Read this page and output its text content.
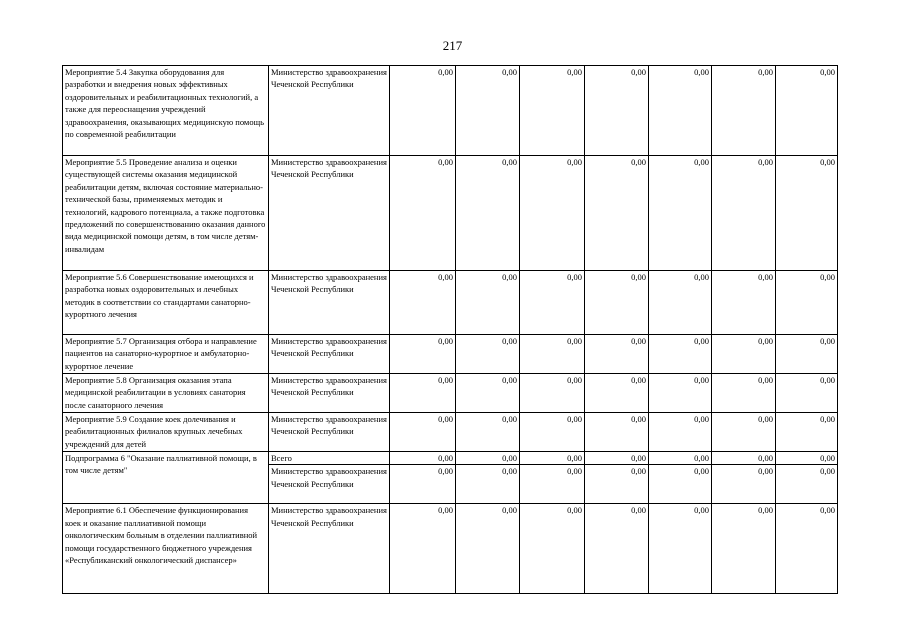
217
Мероприятие 5.4 Закупка оборудования для разработки и внедрения новых эффективных оздоровительных и реабилитационных технологий, а также для переоснащения учреждений здравоохранения, оказывающих медицинскую помощь по современной реабилитации	Министерство здравоохранения Чеченской Республики	0,00	0,00	0,00	0,00	0,00	0,00	0,00
Мероприятие 5.5 Проведение анализа и оценки существующей системы оказания медицинской реабилитации детям, включая состояние материально-технической базы, применяемых методик и технологий, кадрового потенциала, а также подготовка предложений по совершенствованию оказания данного вида медицинской помощи детям, в том числе детям-инвалидам	Министерство здравоохранения Чеченской Республики	0,00	0,00	0,00	0,00	0,00	0,00	0,00
Мероприятие 5.6 Совершенствование имеющихся и разработка новых оздоровительных и лечебных методик в соответствии со стандартами санаторно-курортного лечения	Министерство здравоохранения Чеченской Республики	0,00	0,00	0,00	0,00	0,00	0,00	0,00
Мероприятие 5.7 Организация отбора и направление пациентов на санаторно-курортное и амбулаторно-курортное лечение	Министерство здравоохранения Чеченской Республики	0,00	0,00	0,00	0,00	0,00	0,00	0,00
Мероприятие 5.8 Организация оказания этапа медицинской реабилитации в условиях санатория после санаторного лечения	Министерство здравоохранения Чеченской Республики	0,00	0,00	0,00	0,00	0,00	0,00	0,00
Мероприятие 5.9 Создание коек долечивания и реабилитационных филиалов крупных лечебных учреждений для детей	Министерство здравоохранения Чеченской Республики	0,00	0,00	0,00	0,00	0,00	0,00	0,00
Подпрограмма 6 "Оказание паллиативной помощи, в том числе детям"	Всего	0,00	0,00	0,00	0,00	0,00	0,00	0,00
	Министерство здравоохранения Чеченской Республики	0,00	0,00	0,00	0,00	0,00	0,00	0,00
Мероприятие 6.1 Обеспечение функционирования коек и оказание паллиативной помощи онкологическим больным в отделении паллиативной помощи государственного бюджетного учреждения «Республиканский онкологический диспансер»	Министерство здравоохранения Чеченской Республики	0,00	0,00	0,00	0,00	0,00	0,00	0,00
